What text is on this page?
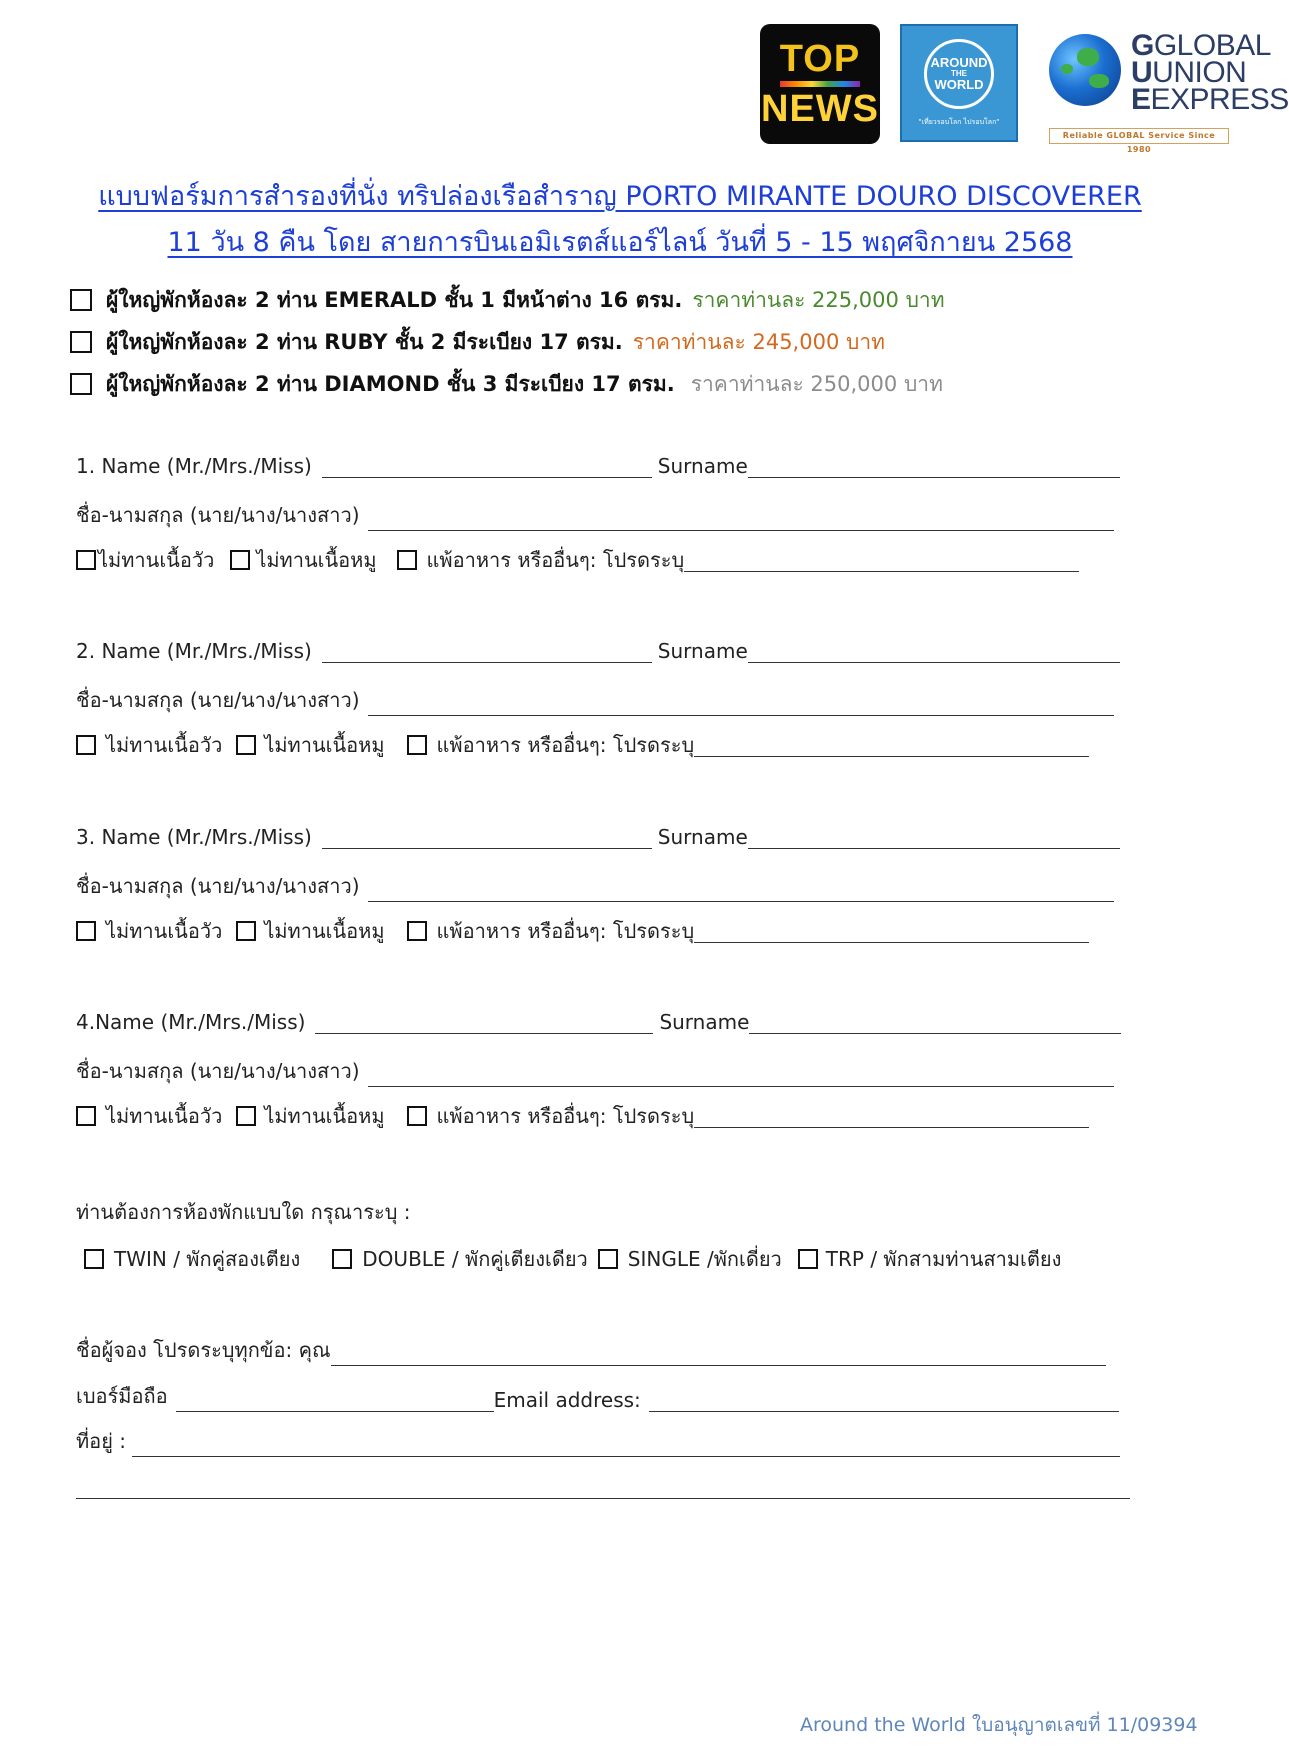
TOP
NEWS
AROUND
THE
WORLD
"เที่ยวรอบโลก ไปรอบโลก"
GGLOBAL
UUNION
EEXPRESS
Reliable GLOBAL Service Since 1980
แบบฟอร์มการสำรองที่นั่ง ทริปล่องเรือสำราญ PORTO MIRANTE DOURO DISCOVERER
11 วัน 8 คืน โดย สายการบินเอมิเรตส์แอร์ไลน์ วันที่ 5 - 15 พฤศจิกายน 2568
ผู้ใหญ่พักห้องละ 2 ท่าน EMERALD ชั้น 1 มีหน้าต่าง 16 ตรม. ราคาท่านละ 225,000 บาท
ผู้ใหญ่พักห้องละ 2 ท่าน RUBY ชั้น 2 มีระเบียง 17 ตรม. ราคาท่านละ 245,000 บาท
ผู้ใหญ่พักห้องละ 2 ท่าน DIAMOND ชั้น 3 มีระเบียง 17 ตรม. ราคาท่านละ 250,000 บาท
1. Name (Mr./Mrs./Miss)	Surname
ชื่อ-นามสกุล (นาย/นาง/นางสาว)
ไม่ทานเนื้อวัว ไม่ทานเนื้อหมู	แพ้อาหาร หรืออื่นๆ: โปรดระบุ
2. Name (Mr./Mrs./Miss)	Surname
ชื่อ-นามสกุล (นาย/นาง/นางสาว)
ไม่ทานเนื้อวัว ไม่ทานเนื้อหมู	แพ้อาหาร หรืออื่นๆ: โปรดระบุ
3. Name (Mr./Mrs./Miss)	Surname
ชื่อ-นามสกุล (นาย/นาง/นางสาว)
ไม่ทานเนื้อวัว ไม่ทานเนื้อหมู	แพ้อาหาร หรืออื่นๆ: โปรดระบุ
4.Name (Mr./Mrs./Miss)	Surname
ชื่อ-นามสกุล (นาย/นาง/นางสาว)
ไม่ทานเนื้อวัว ไม่ทานเนื้อหมู	แพ้อาหาร หรืออื่นๆ: โปรดระบุ
ท่านต้องการห้องพักแบบใด กรุณาระบุ :
TWIN / พักคู่สองเตียง	DOUBLE / พักคู่เตียงเดียว SINGLE /พักเดี่ยว TRP / พักสามท่านสามเตียง
ชื่อผู้จอง โปรดระบุทุกข้อ: คุณ
เบอร์มือถือ	Email address:
ที่อยู่ :
Around the World ใบอนุญาตเลขที่ 11/09394
